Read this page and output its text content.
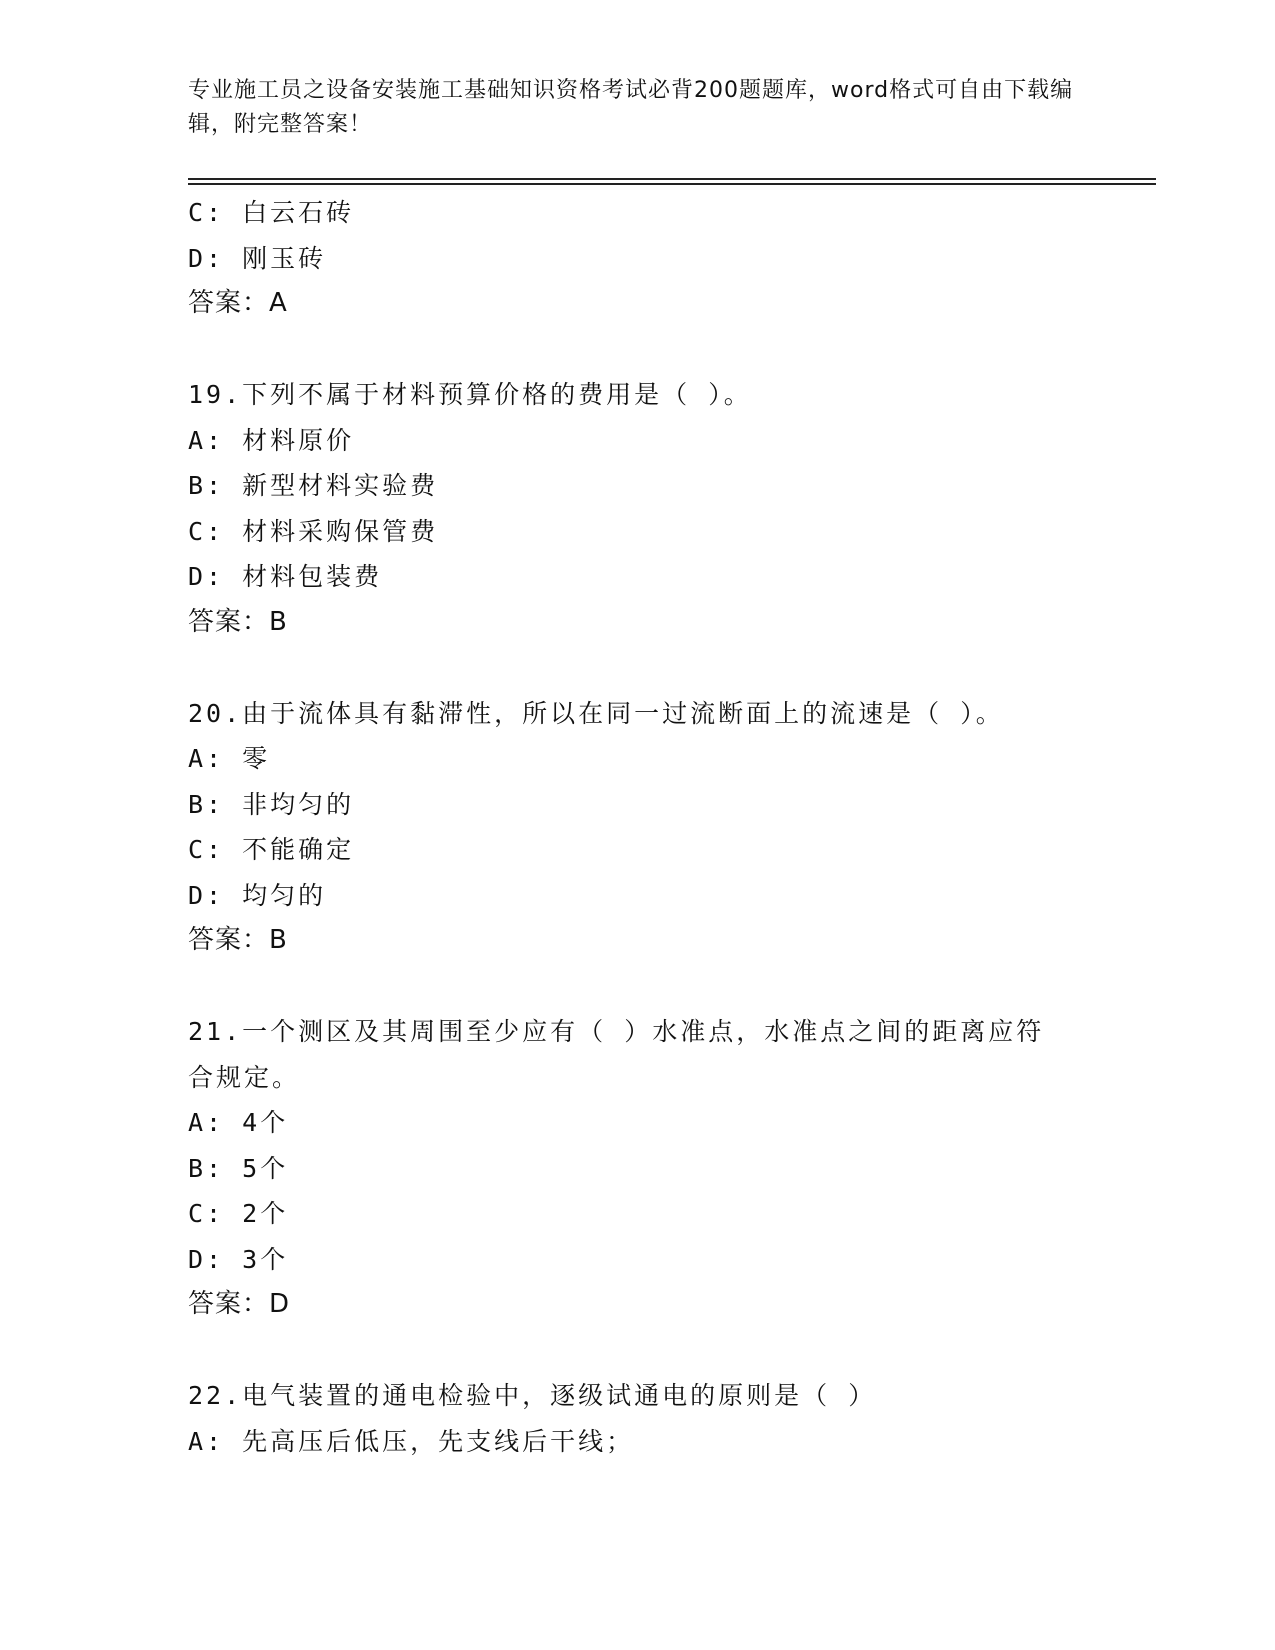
专业施工员之设备安装施工基础知识资格考试必背200题题库，word格式可自由下载编辑，附完整答案！
C: 白云石砖
D: 刚玉砖
答案：A
19.下列不属于材料预算价格的费用是（ ）。
A: 材料原价
B: 新型材料实验费
C: 材料采购保管费
D: 材料包装费
答案：B
20.由于流体具有黏滞性，所以在同一过流断面上的流速是（ ）。
A: 零
B: 非均匀的
C: 不能确定
D: 均匀的
答案：B
21.一个测区及其周围至少应有（ ）水准点，水准点之间的距离应符合规定。
A: 4个
B: 5个
C: 2个
D: 3个
答案：D
22.电气装置的通电检验中，逐级试通电的原则是（ ）
A: 先高压后低压，先支线后干线；
